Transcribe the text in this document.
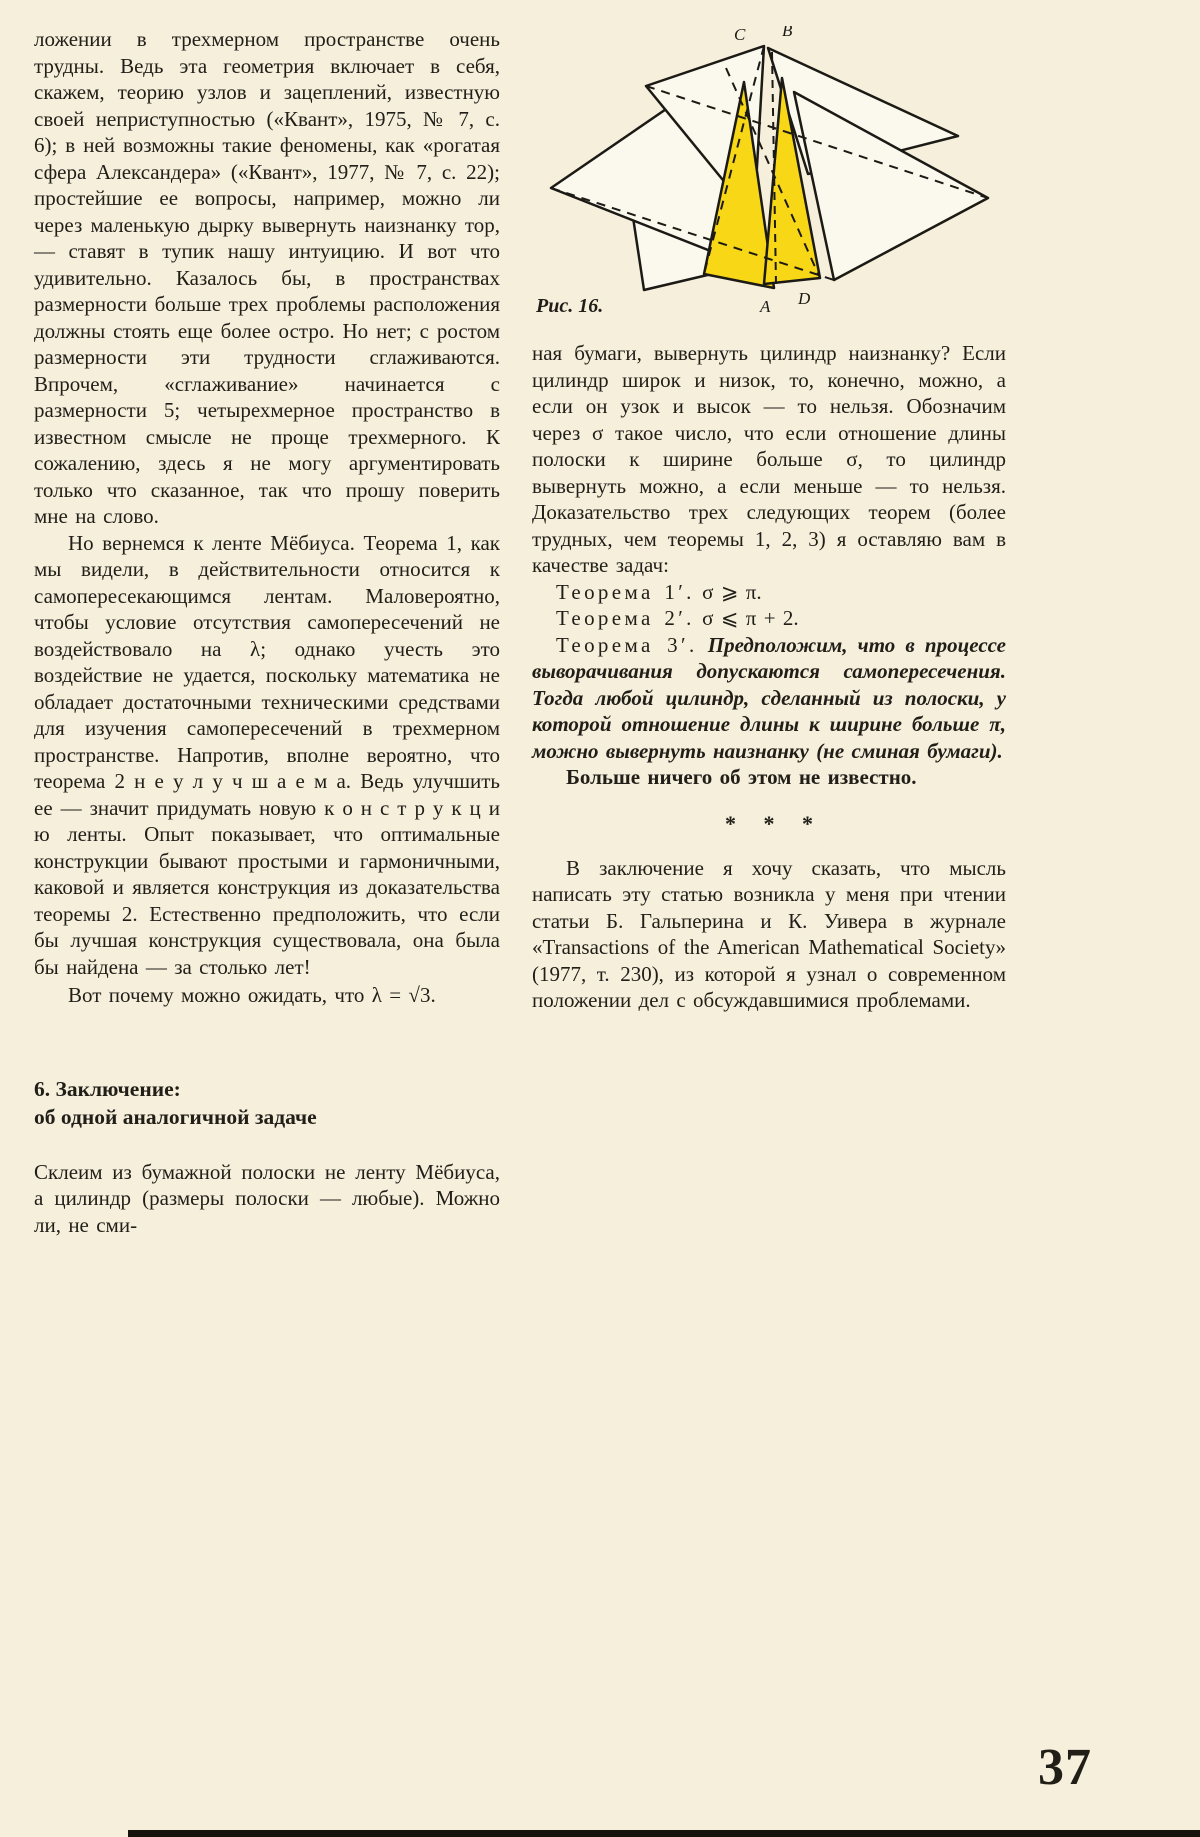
ложении в трехмерном пространстве очень трудны. Ведь эта геометрия включает в себя, скажем, теорию узлов и зацеплений, известную своей неприступностью («Квант», 1975, № 7, с. 6); в ней возможны такие феномены, как «рогатая сфера Александера» («Квант», 1977, № 7, с. 22); простейшие ее вопросы, например, можно ли через маленькую дырку вывернуть наизнанку тор,— ставят в тупик нашу интуицию. И вот что удивительно. Казалось бы, в пространствах размерности больше трех проблемы расположения должны стоять еще более остро. Но нет; с ростом размерности эти трудности сглаживаются. Впрочем, «сглаживание» начинается с размерности 5; четырехмерное пространство в известном смысле не проще трехмерного. К сожалению, здесь я не могу аргументировать только что сказанное, так что прошу поверить мне на слово.

Но вернемся к ленте Мёбиуса. Теорема 1, как мы видели, в действительности относится к самопересекающимся лентам. Маловероятно, чтобы условие отсутствия самопересечений не воздействовало на λ; однако учесть это воздействие не удается, поскольку математика не обладает достаточными техническими средствами для изучения самопересечений в трехмерном пространстве. Напротив, вполне вероятно, что теорема 2 н е у л у ч ш а е м а. Ведь улучшить ее — значит придумать новую к о н с т р у к ц и ю ленты. Опыт показывает, что оптимальные конструкции бывают простыми и гармоничными, каковой и является конструкция из доказательства теоремы 2. Естественно предположить, что если бы лучшая конструкция существовала, она была бы найдена — за столько лет!

Вот почему можно ожидать, что λ = √3.

6. Заключение:
об одной аналогичной задаче

Склеим из бумажной полоски не ленту Мёбиуса, а цилиндр (размеры полоски — любые). Можно ли, не сми-

C B
A D
Рис. 16.

ная бумаги, вывернуть цилиндр наизнанку? Если цилиндр широк и низок, то, конечно, можно, а если он узок и высок — то нельзя. Обозначим через σ такое число, что если отношение длины полоски к ширине больше σ, то цилиндр вывернуть можно, а если меньше — то нельзя. Доказательство трех следующих теорем (более трудных, чем теоремы 1, 2, 3) я оставляю вам в качестве задач:

Теорема 1′. σ ⩾ π.

Теорема 2′. σ ⩽ π + 2.

Теорема 3′. Предположим, что в процессе выворачивания допускаются самопересечения. Тогда любой цилиндр, сделанный из полоски, у которой отношение длины к ширине больше π, можно вывернуть наизнанку (не сминая бумаги).

Больше ничего об этом не известно.

* * *

В заключение я хочу сказать, что мысль написать эту статью возникла у меня при чтении статьи Б. Гальперина и К. Уивера в журнале «Transactions of the American Mathematical Society» (1977, т. 230), из которой я узнал о современном положении дел с обсуждавшимися проблемами.

37
